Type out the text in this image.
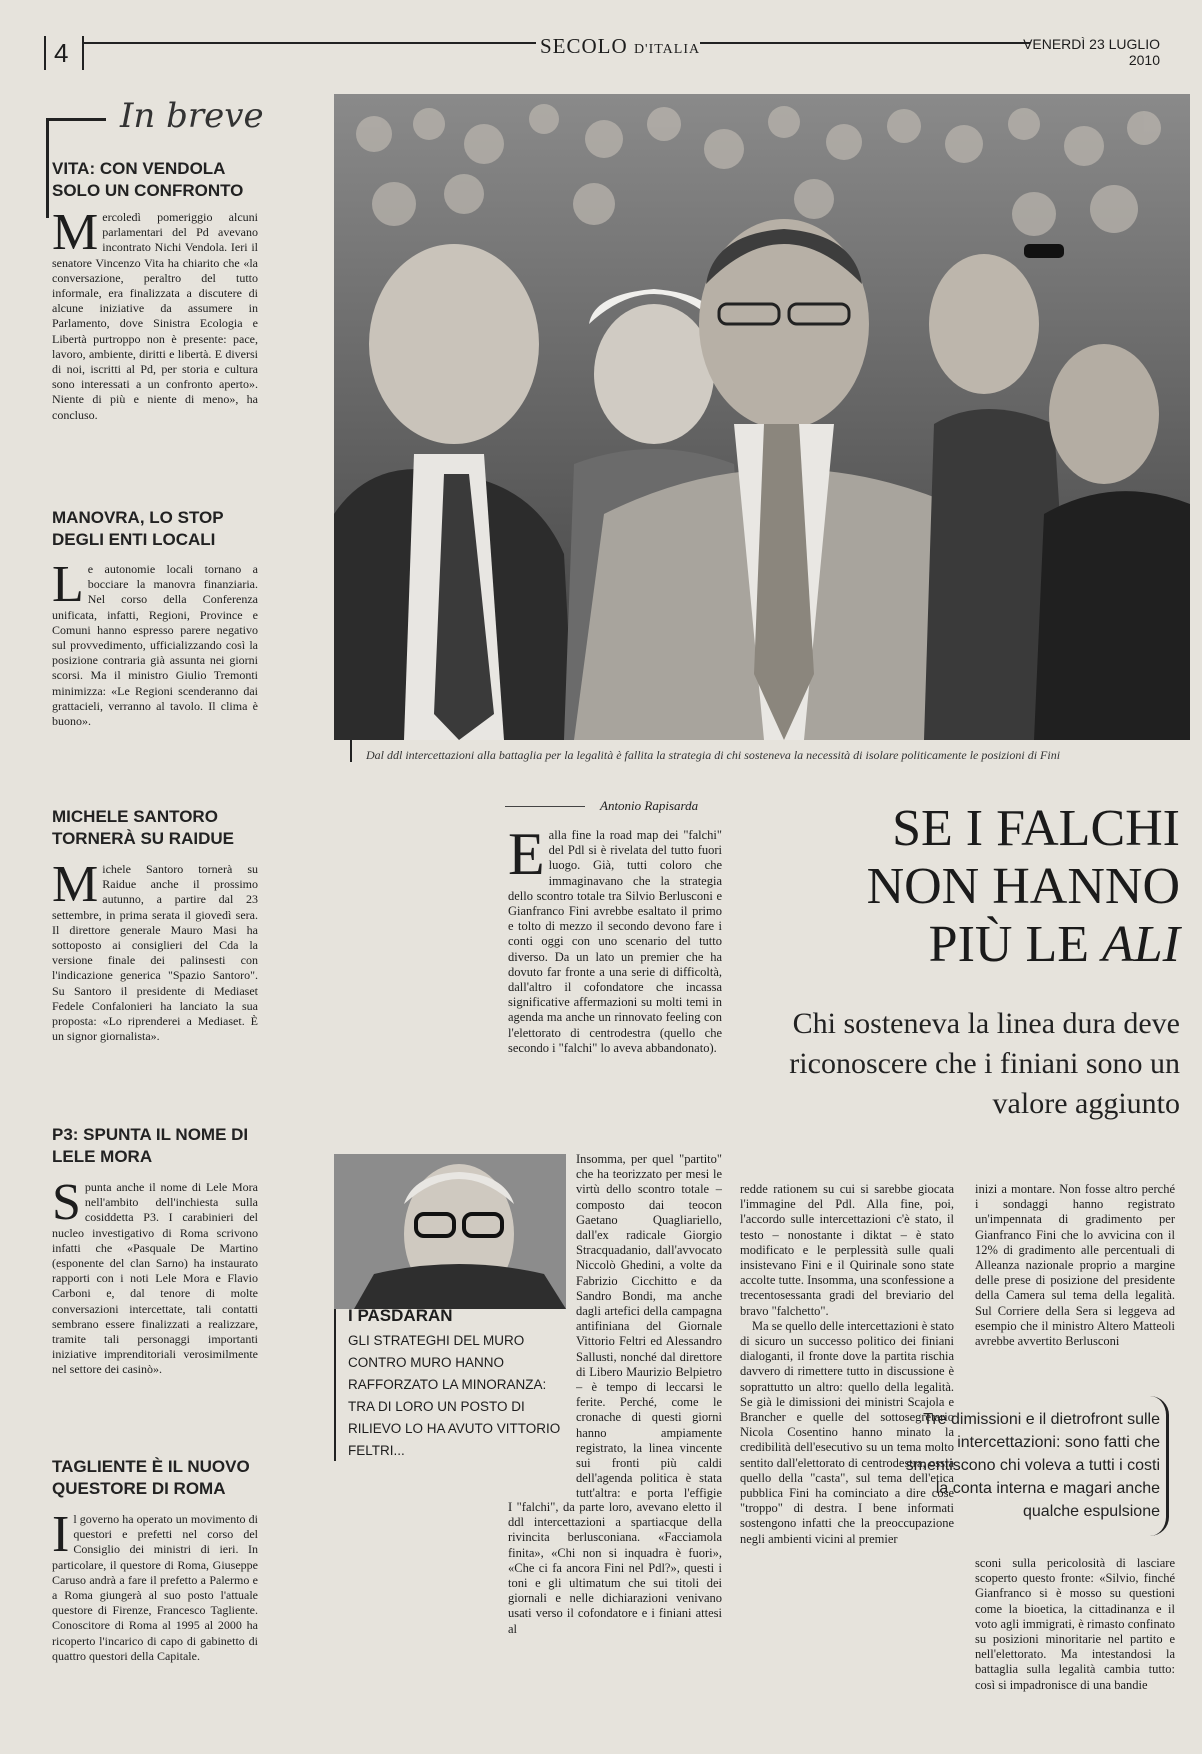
4	SECOLO D'ITALIA	VENERDÌ 23 LUGLIO 2010
In breve
VITA: CON VENDOLA SOLO UN CONFRONTO
Mercoledì pomeriggio alcuni parlamentari del Pd avevano incontrato Nichi Vendola. Ieri il senatore Vincenzo Vita ha chiarito che «la conversazione, peraltro del tutto informale, era finalizzata a discutere di alcune iniziative da assumere in Parlamento, dove Sinistra Ecologia e Libertà purtroppo non è presente: pace, lavoro, ambiente, diritti e libertà. E diversi di noi, iscritti al Pd, per storia e cultura sono interessati a un confronto aperto». Niente di più e niente di meno», ha concluso.
MANOVRA, LO STOP DEGLI ENTI LOCALI
Le autonomie locali tornano a bocciare la manovra finanziaria. Nel corso della Conferenza unificata, infatti, Regioni, Province e Comuni hanno espresso parere negativo sul provvedimento, ufficializzando così la posizione contraria già assunta nei giorni scorsi. Ma il ministro Giulio Tremonti minimizza: «Le Regioni scenderanno dai grattacieli, verranno al tavolo. Il clima è buono».
MICHELE SANTORO TORNERÀ SU RAIDUE
Michele Santoro tornerà su Raidue anche il prossimo autunno, a partire dal 23 settembre, in prima serata il giovedì sera. Il direttore generale Mauro Masi ha sottoposto ai consiglieri del Cda la versione finale dei palinsesti con l'indicazione generica "Spazio Santoro". Su Santoro il presidente di Mediaset Fedele Confalonieri ha lanciato la sua proposta: «Lo riprenderei a Mediaset. È un signor giornalista».
P3: SPUNTA IL NOME DI LELE MORA
Spunta anche il nome di Lele Mora nell'ambito dell'inchiesta sulla cosiddetta P3. I carabinieri del nucleo investigativo di Roma scrivono infatti che «Pasquale De Martino (esponente del clan Sarno) ha instaurato rapporti con i noti Lele Mora e Flavio Carboni e, dal tenore di molte conversazioni intercettate, tali contatti sembrano essere finalizzati a realizzare, tramite tali personaggi importanti iniziative imprenditoriali verosimilmente nel settore dei casinò».
TAGLIENTE È IL NUOVO QUESTORE DI ROMA
Il governo ha operato un movimento di questori e prefetti nel corso del Consiglio dei ministri di ieri. In particolare, il questore di Roma, Giuseppe Caruso andrà a fare il prefetto a Palermo e a Roma giungerà al suo posto l'attuale questore di Firenze, Francesco Tagliente. Conoscitore di Roma al 1995 al 2000 ha ricoperto l'incarico di capo di gabinetto di quattro questori della Capitale.
Dal ddl intercettazioni alla battaglia per la legalità è fallita la strategia di chi sosteneva la necessità di isolare politicamente le posizioni di Fini
Antonio Rapisarda	SE I FALCHI
NON HANNO
PIÙ LE ALI
Chi sosteneva la linea dura deve riconoscere che i finiani sono un valore aggiunto
Ealla fine la road map dei "falchi" del Pdl si è rivelata del tutto fuori luogo. Già, tutti coloro che immaginavano che la strategia dello scontro totale tra Silvio Berlusconi e Gianfranco Fini avrebbe esaltato il primo e tolto di mezzo il secondo devono fare i conti oggi con uno scenario del tutto diverso. Da un lato un premier che ha dovuto far fronte a una serie di difficoltà, dall'altro il cofondatore che incassa significative affermazioni su molti temi in agenda ma anche un rinnovato feeling con l'elettorato di centrodestra (quello che secondo i "falchi" lo aveva abbandonato).

Insomma, per quel "partito" che ha teorizzato per mesi le virtù dello scontro totale – composto dai teocon Gaetano Quagliariello, dall'ex radicale Giorgio Stracquadanio, dall'avvocato Niccolò Ghedini, a volte da Fabrizio Cicchitto e da Sandro Bondi, ma anche dagli artefici della campagna antifiniana del Giornale Vittorio Feltri ed Alessandro Sallusti, nonché dal direttore di Libero Maurizio Belpietro – è tempo di leccarsi le ferite. Perché, come le cronache di questi giorni hanno ampiamente registrato, la linea vincente sui fronti più caldi dell'agenda politica è stata tutt'altra: e porta l'effigie

I "falchi", da parte loro, avevano eletto il ddl intercettazioni a spartiacque della rivincita berlusconiana. «Facciamola finita», «Chi non si inquadra è fuori», «Che ci fa ancora Fini nel Pdl?», questi i toni e gli ultimatum che sui titoli dei giornali e nelle dichiarazioni venivano usati verso il cofondatore e i finiani attesi al

redde rationem su cui si sarebbe giocata l'immagine del Pdl. Alla fine, poi, l'accordo sulle intercettazioni c'è stato, il testo – nonostante i diktat – è stato modificato e le perplessità sulle quali insistevano Fini e il Quirinale sono state accolte tutte. Insomma, una sconfessione a trecentosessanta gradi del breviario del bravo "falchetto".

Ma se quello delle intercettazioni è stato di sicuro un successo politico dei finiani dialoganti, il fronte dove la partita rischia davvero di rimettere tutto in discussione è soprattutto un altro: quello della legalità. Se già le dimissioni dei ministri Scajola e Brancher e quelle del sottosegretario Nicola Cosentino hanno minato la credibilità dell'esecutivo su un tema molto sentito dall'elettorato di centrodestra, ossia quello della "casta", sul tema dell'etica pubblica Fini ha cominciato a dire cose "troppo" di destra. I bene informati sostengono infatti che la preoccupazione negli ambienti vicini al premier

inizi a montare. Non fosse altro perché i sondaggi hanno registrato un'impennata di gradimento per Gianfranco Fini che lo avvicina con il 12% di gradimento alle percentuali di Alleanza nazionale proprio a margine delle prese di posizione del presidente della Camera sul tema della legalità. Sul Corriere della Sera si leggeva ad esempio che il ministro Altero Matteoli avrebbe avvertito Berlusconi

Tre dimissioni e il dietrofront sulle intercettazioni: sono fatti che smentiscono chi voleva a tutti i costi la conta interna e magari anche qualche espulsione

sconi sulla pericolosità di lasciare scoperto questo fronte: «Silvio, finché Gianfranco si è mosso su questioni come la bioetica, la cittadinanza e il voto agli immigrati, è rimasto confinato su posizioni minoritarie nel partito e nell'elettorato. Ma intestandosi la battaglia sulla legalità cambia tutto: così si impadronisce di una bandie

I PASDARAN
GLI STRATEGHI DEL MURO CONTRO MURO HANNO RAFFORZATO LA MINORANZA: TRA DI LORO UN POSTO DI RILIEVO LO HA AVUTO VITTORIO FELTRI...
